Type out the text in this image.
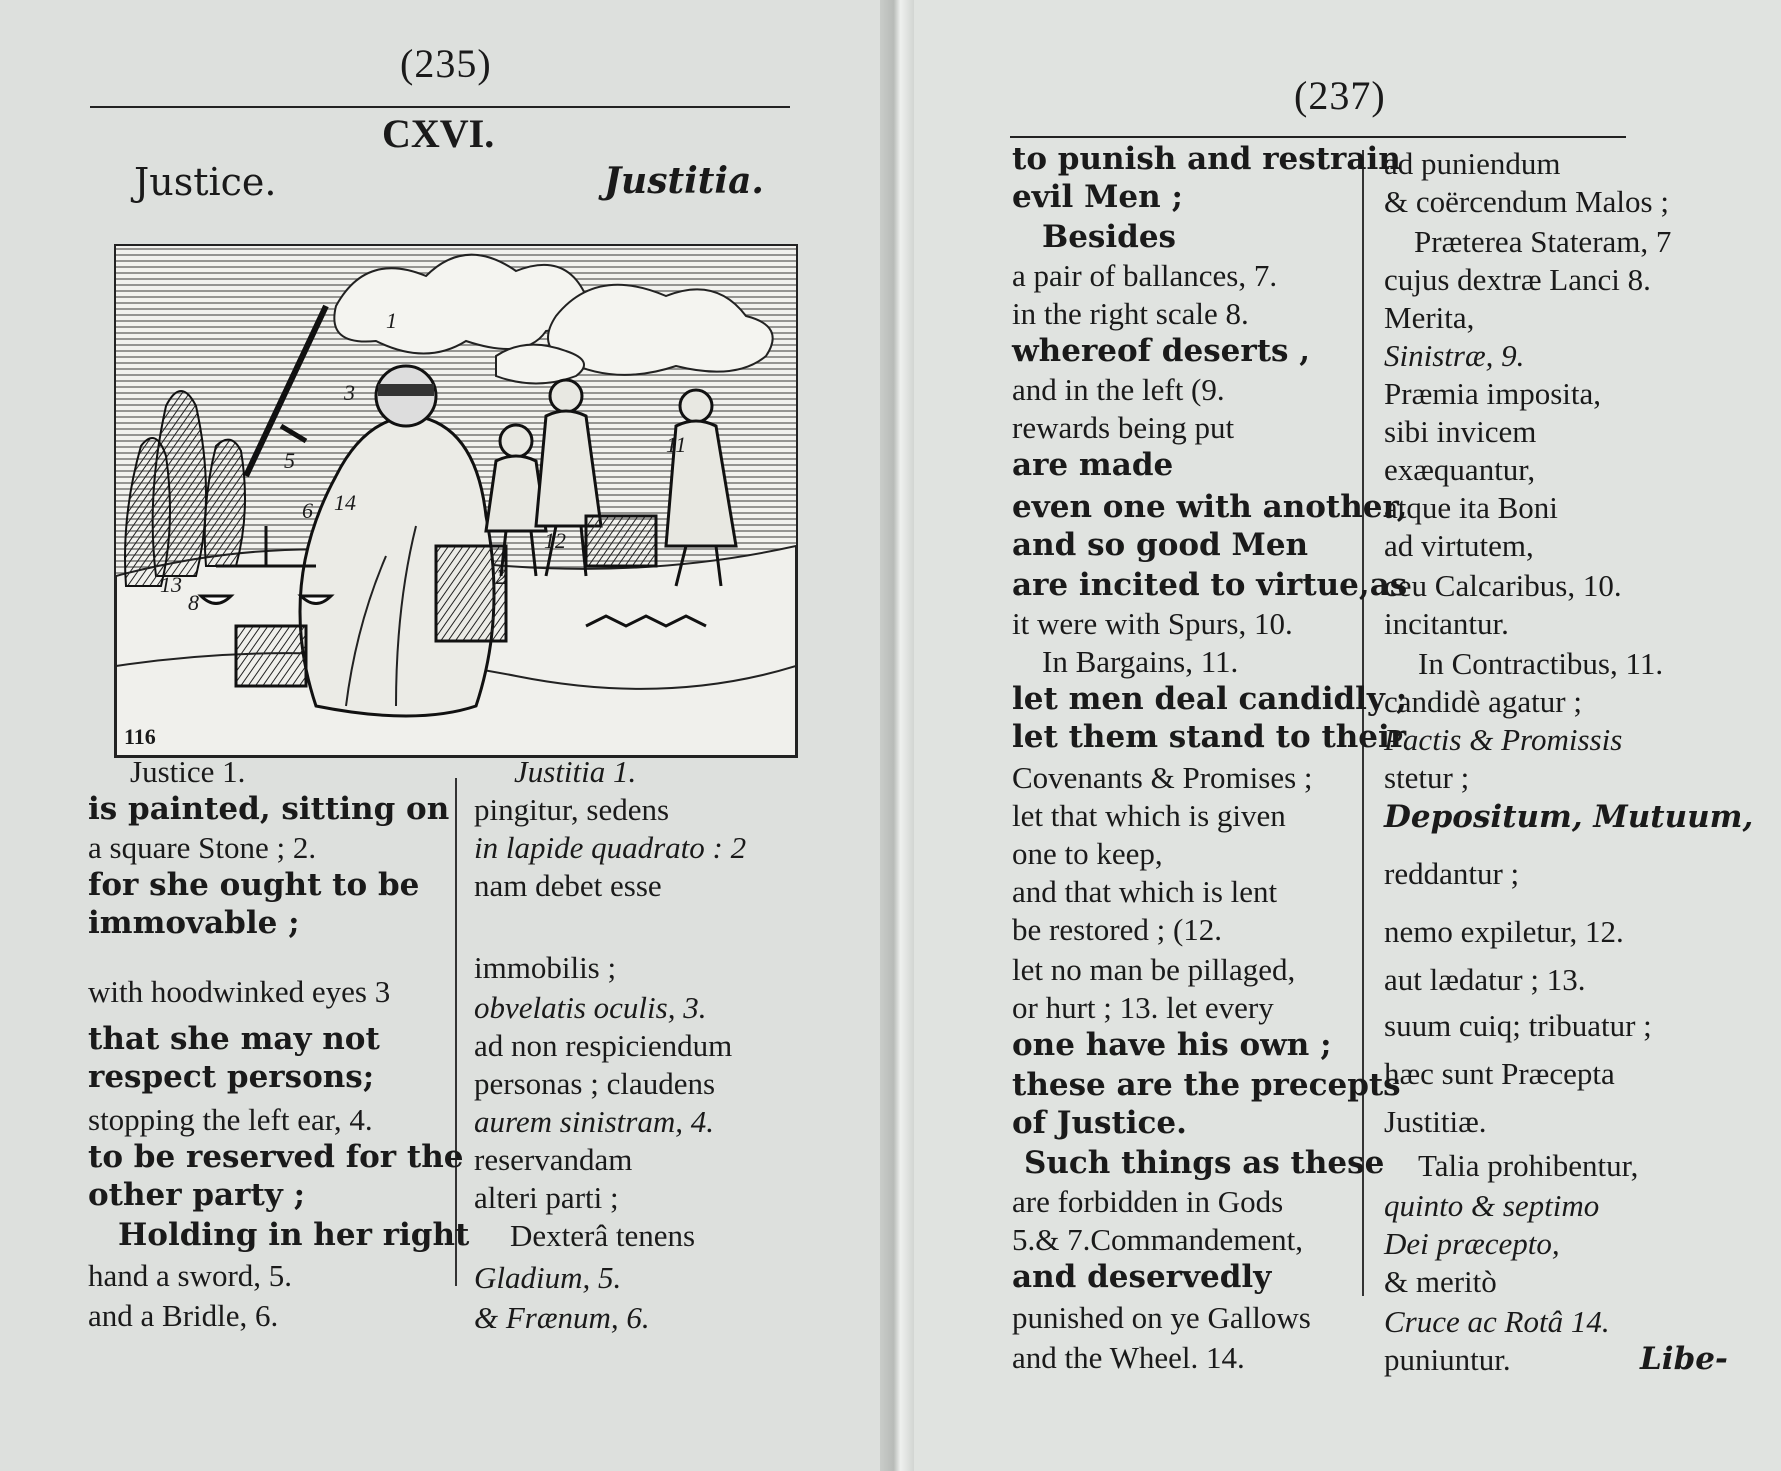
(235)
CXVI.
Justice.	Justitia.
1
2
3
5
6
8
11
12
13
14
116
Justice 1.
is painted, sitting on
a square Stone ; 2.
for she ought to be
immovable ;
with hoodwinked eyes 3
that she may not
respect persons;
stopping the left ear, 4.
to be reserved for the
other party ;
Holding in her right
hand a sword, 5.
and a Bridle, 6.
Justitia 1.
pingitur, sedens
in lapide quadrato : 2
nam debet esse
immobilis ;
obvelatis oculis, 3.
ad non respiciendum
personas ; claudens
aurem sinistram, 4.
reservandam
alteri parti ;
Dexterâ tenens
Gladium, 5.
& Frænum, 6.
(237)
to punish and restrain
evil Men ;
Besides
a pair of ballances, 7.
in the right scale 8.
whereof deserts ,
and in the left (9.
rewards being put
are made
even one with another,
and so good Men
are incited to virtue,as
it were with Spurs, 10.
In Bargains, 11.
let men deal candidly ;
let them stand to their
Covenants & Promises ;
let that which is given
one to keep,
and that which is lent
be restored ; (12.
let no man be pillaged,
or hurt ; 13. let every
one have his own ;
these are the precepts
of Justice.
Such things as these
are forbidden in Gods
5.& 7.Commandement,
and deservedly
punished on ye Gallows
and the Wheel. 14.
ad puniendum
& coërcendum Malos ;
Præterea Stateram, 7
cujus dextræ Lanci 8.
Merita,
Sinistræ, 9.
Præmia imposita,
sibi invicem
exæquantur,
atque ita Boni
ad virtutem,
ceu Calcaribus, 10.
incitantur.
In Contractibus, 11.
candidè agatur ;
Pactis & Promissis
stetur ;
Depositum, Mutuum,
reddantur ;
nemo expiletur, 12.
aut lædatur ; 13.
suum cuiq; tribuatur ;
hæc sunt Præcepta
Justitiæ.
Talia prohibentur,
quinto & septimo
Dei præcepto,
& meritò
Cruce ac Rotâ 14.
puniuntur.	Libe-
